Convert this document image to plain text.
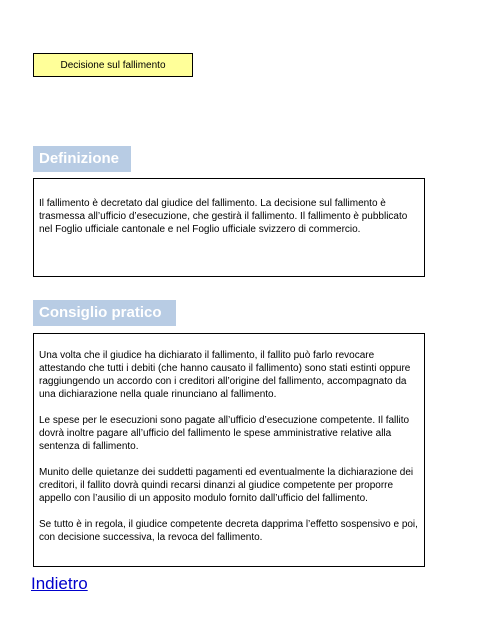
Decisione sul fallimento
Definizione

Il fallimento è decretato dal giudice del fallimento. La decisione sul fallimento è trasmessa all’ufficio d’esecuzione, che gestirà il fallimento. Il fallimento è pubblicato nel Foglio ufficiale cantonale e nel Foglio ufficiale svizzero di commercio.

Consiglio pratico

Una volta che il giudice ha dichiarato il fallimento, il fallito può farlo revocare attestando che tutti i debiti (che hanno causato il fallimento) sono stati estinti oppure raggiungendo un accordo con i creditori all’origine del fallimento, accompagnato da una dichiarazione nella quale rinunciano al fallimento.

Le spese per le esecuzioni sono pagate all’ufficio d’esecuzione competente. Il fallito dovrà inoltre pagare all’ufficio del fallimento le spese amministrative relative alla sentenza di fallimento.

Munito delle quietanze dei suddetti pagamenti ed eventualmente la dichiarazione dei creditori, il fallito dovrà quindi recarsi dinanzi al giudice competente per proporre appello con l’ausilio di un apposito modulo fornito dall’ufficio del fallimento.

Se tutto è in regola, il giudice competente decreta dapprima l’effetto sospensivo e poi, con decisione successiva, la revoca del fallimento.

Indietro
